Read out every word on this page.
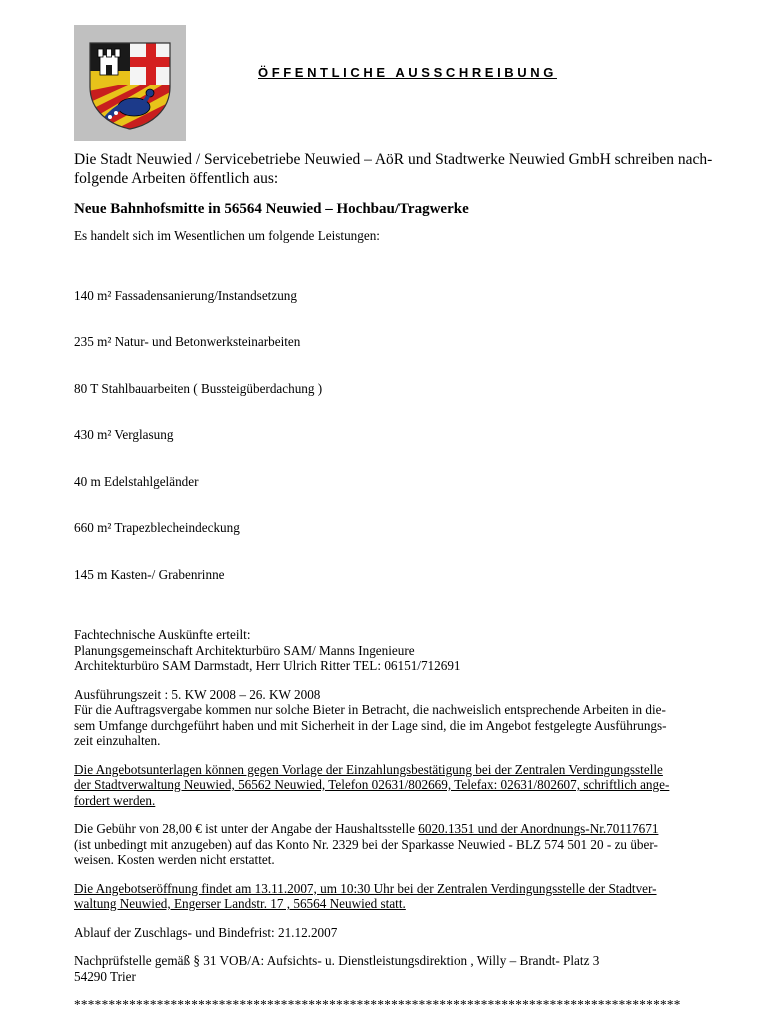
ÖFFENTLICHE AUSSCHREIBUNG
Die Stadt Neuwied / Servicebetriebe Neuwied – AöR und Stadtwerke Neuwied GmbH schreiben nach-
folgende Arbeiten öffentlich aus:
Neue Bahnhofsmitte in 56564 Neuwied – Hochbau/Tragwerke
Es handelt sich im Wesentlichen um folgende Leistungen:

140 m² Fassadensanierung/Instandsetzung

235 m² Natur- und Betonwerksteinarbeiten

80 T Stahlbauarbeiten ( Bussteigüberdachung )

430 m² Verglasung

40 m Edelstahlgeländer

660 m² Trapezblecheindeckung

145 m Kasten-/ Grabenrinne

Fachtechnische Auskünfte erteilt:
Planungsgemeinschaft Architekturbüro SAM/ Manns Ingenieure
Architekturbüro SAM Darmstadt, Herr Ulrich Ritter TEL: 06151/712691
Ausführungszeit : 5. KW 2008 – 26. KW 2008
Für die Auftragsvergabe kommen nur solche Bieter in Betracht, die nachweislich entsprechende Arbeiten in die-
sem Umfange durchgeführt haben und mit Sicherheit in der Lage sind, die im Angebot festgelegte Ausführungs-
zeit einzuhalten.
Die Angebotsunterlagen können gegen Vorlage der Einzahlungsbestätigung bei der Zentralen Verdingungsstelle
der Stadtverwaltung Neuwied, 56562 Neuwied, Telefon 02631/802669, Telefax: 02631/802607, schriftlich ange-
fordert werden.
Die Gebühr von 28,00 € ist unter der Angabe der Haushaltsstelle 6020.1351 und der Anordnungs-Nr.70117671
(ist unbedingt mit anzugeben) auf das Konto Nr. 2329 bei der Sparkasse Neuwied - BLZ 574 501 20 - zu über-
weisen. Kosten werden nicht erstattet.
Die Angebotseröffnung findet am 13.11.2007, um 10:30 Uhr bei der Zentralen Verdingungsstelle der Stadtver-
waltung Neuwied, Engerser Landstr. 17 , 56564 Neuwied statt.
Ablauf der Zuschlags- und Bindefrist: 21.12.2007
Nachprüfstelle gemäß § 31 VOB/A: Aufsichts- u. Dienstleistungsdirektion , Willy – Brandt- Platz 3
54290 Trier
****************************************************************************************
